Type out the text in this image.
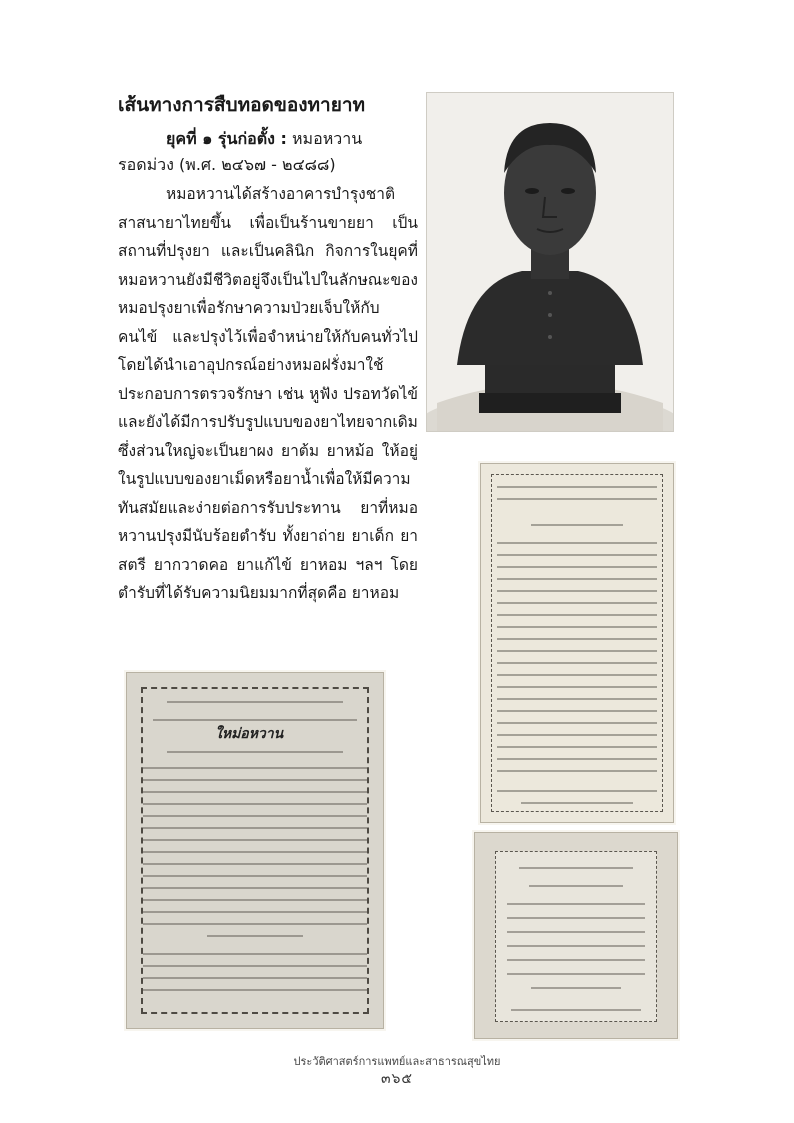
เส้นทางการสืบทอดของทายาท

ยุคที่ ๑ รุ่นก่อตั้ง : หมอหวาน

รอดม่วง (พ.ศ. ๒๔๖๗ - ๒๔๘๘)

หมอหวานได้สร้างอาคารบำรุงชาติสาสนายาไทยขึ้น เพื่อเป็นร้านขายยา เป็นสถานที่ปรุงยา และเป็นคลินิก กิจการในยุคที่หมอหวานยังมีชีวิตอยู่จึงเป็นไปในลักษณะของหมอปรุงยาเพื่อรักษาความป่วยเจ็บให้กับคนไข้ และปรุงไว้เพื่อจำหน่ายให้กับคนทั่วไป โดยได้นำเอาอุปกรณ์อย่างหมอฝรั่งมาใช้ประกอบการตรวจรักษา เช่น หูฟัง ปรอทวัดไข้ และยังได้มีการปรับรูปแบบของยาไทยจากเดิมซึ่งส่วนใหญ่จะเป็นยาผง ยาต้ม ยาหม้อ ให้อยู่ในรูปแบบของยาเม็ดหรือยาน้ำเพื่อให้มีความทันสมัยและง่ายต่อการรับประทาน ยาที่หมอหวานปรุงมีนับร้อยตำรับ ทั้งยาถ่าย ยาเด็ก ยาสตรี ยากวาดคอ ยาแก้ไข้ ยาหอม ฯลฯ โดยตำรับที่ได้รับความนิยมมากที่สุดคือ ยาหอม

ใหม่อหวาน
ประวัติศาสตร์การแพทย์และสาธารณสุขไทย
๓๖๕
